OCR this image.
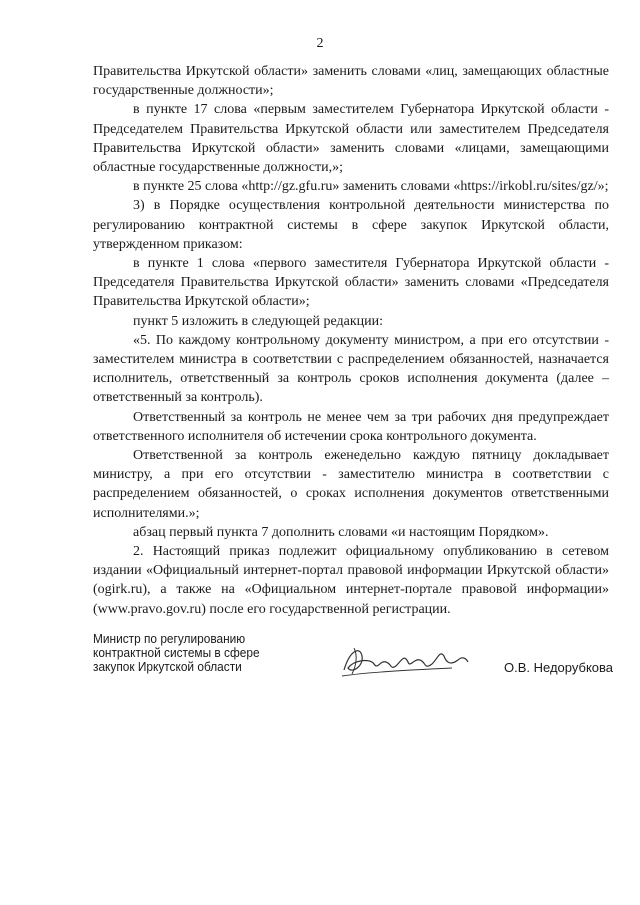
2

Правительства Иркутской области» заменить словами «лиц, замещающих областные государственные должности»;

в пункте 17 слова «первым заместителем Губернатора Иркутской области - Председателем Правительства Иркутской области или заместителем Председателя Правительства Иркутской области» заменить словами «лицами, замещающими областные государственные должности,»;

в пункте 25 слова «http://gz.gfu.ru» заменить словами «https://irkobl.ru/sites/gz/»;

3) в Порядке осуществления контрольной деятельности министерства по регулированию контрактной системы в сфере закупок Иркутской области, утвержденном приказом:

в пункте 1 слова «первого заместителя Губернатора Иркутской области - Председателя Правительства Иркутской области» заменить словами «Председателя Правительства Иркутской области»;

пункт 5 изложить в следующей редакции:

«5. По каждому контрольному документу министром, а при его отсутствии - заместителем министра в соответствии с распределением обязанностей, назначается исполнитель, ответственный за контроль сроков исполнения документа (далее – ответственный за контроль).

Ответственный за контроль не менее чем за три рабочих дня предупреждает ответственного исполнителя об истечении срока контрольного документа.

Ответственной за контроль еженедельно каждую пятницу докладывает министру, а при его отсутствии - заместителю министра в соответствии с распределением обязанностей, о сроках исполнения документов ответственными исполнителями.»;

абзац первый пункта 7 дополнить словами «и настоящим Порядком».

2. Настоящий приказ подлежит официальному опубликованию в сетевом издании «Официальный интернет-портал правовой информации Иркутской области» (ogirk.ru), а также на «Официальном интернет-портале правовой информации» (www.pravo.gov.ru) после его государственной регистрации.

Министр по регулированию
контрактной системы в сфере
закупок Иркутской области	О.В. Недорубкова
